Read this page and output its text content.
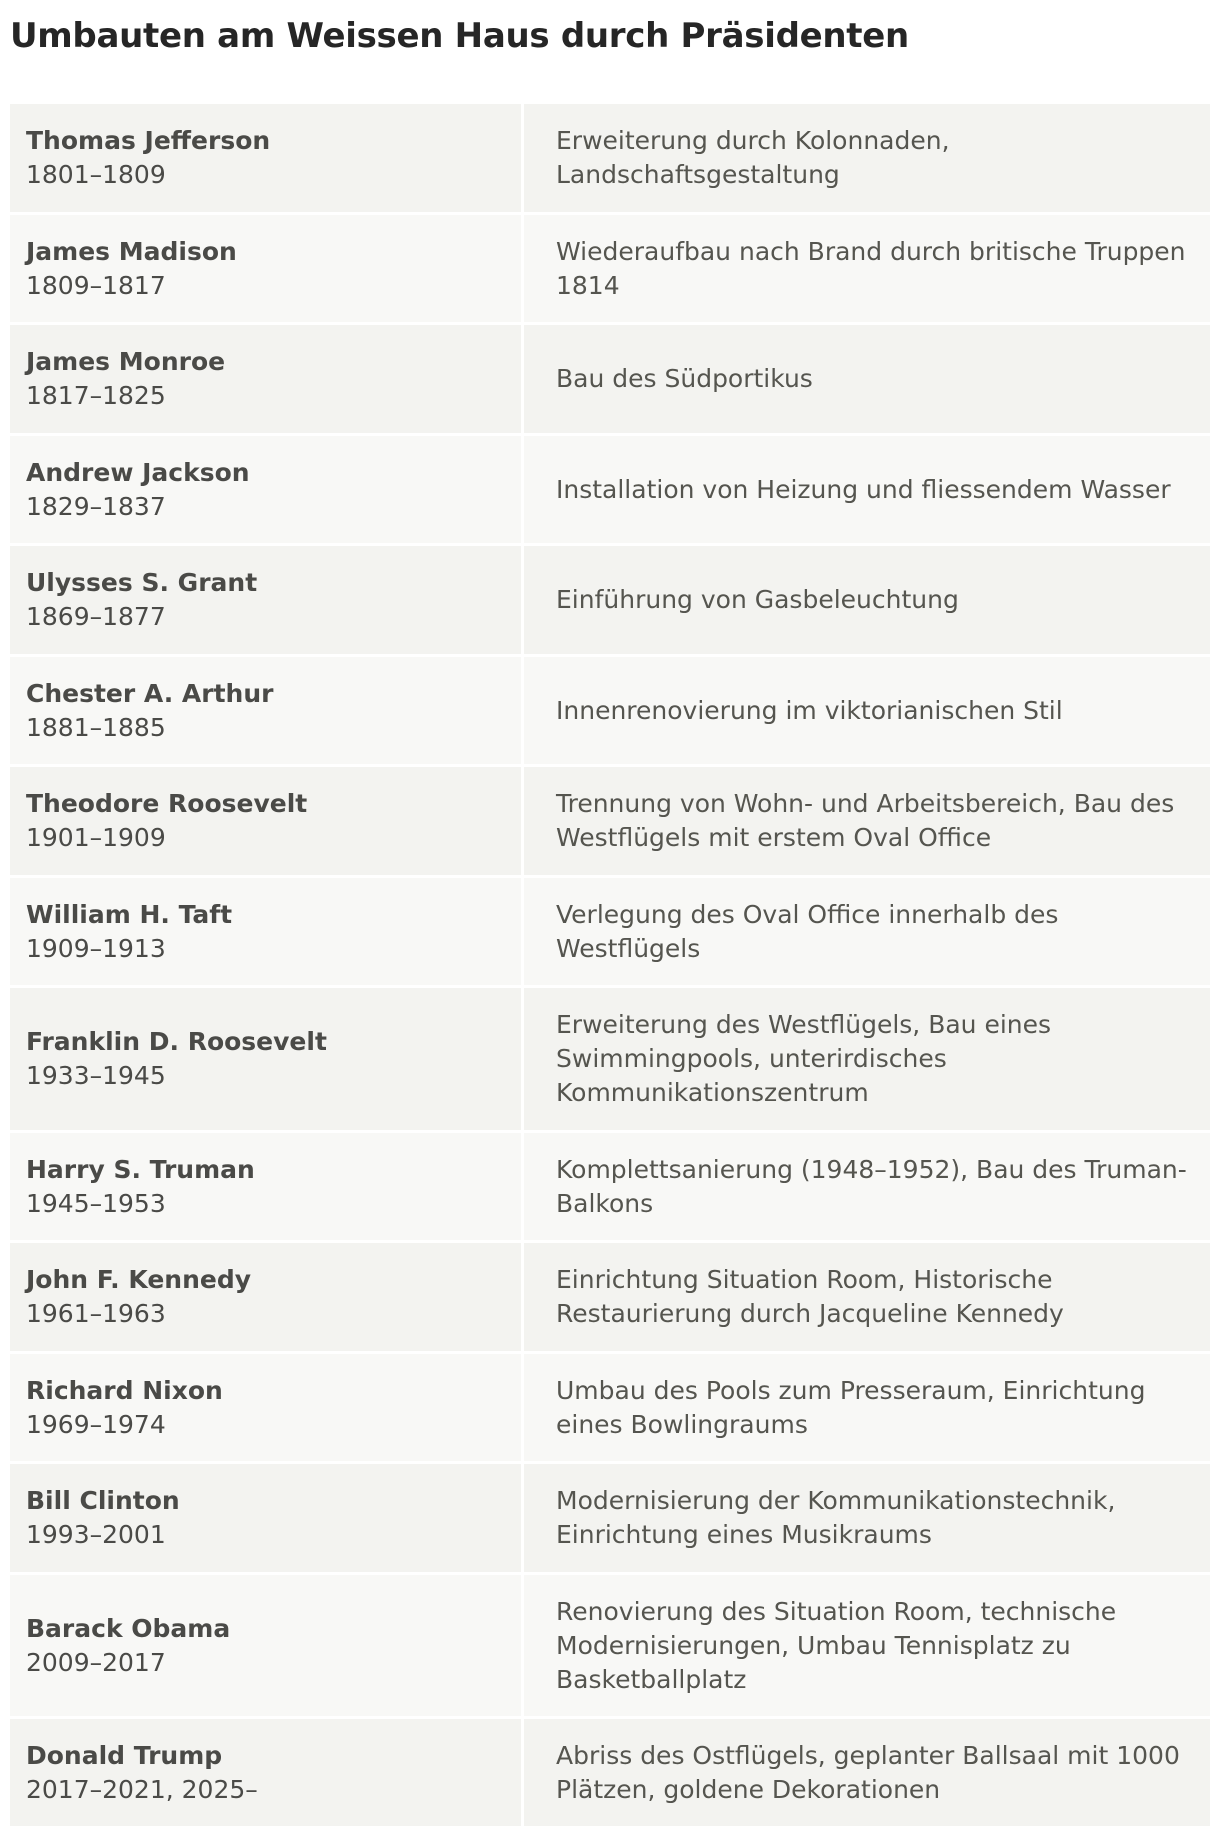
Umbauten am Weissen Haus durch Präsidenten
Thomas Jefferson
1801–1809
Erweiterung durch Kolonnaden, Landschaftsgestaltung
James Madison
1809–1817
Wiederaufbau nach Brand durch britische Truppen 1814
James Monroe
1817–1825
Bau des Südportikus
Andrew Jackson
1829–1837
Installation von Heizung und fliessendem Wasser
Ulysses S. Grant
1869–1877
Einführung von Gasbeleuchtung
Chester A. Arthur
1881–1885
Innenrenovierung im viktorianischen Stil
Theodore Roosevelt
1901–1909
Trennung von Wohn- und Arbeitsbereich, Bau des Westflügels mit erstem Oval Office
William H. Taft
1909–1913
Verlegung des Oval Office innerhalb des Westflügels
Franklin D. Roosevelt
1933–1945
Erweiterung des Westflügels, Bau eines Swimmingpools, unterirdisches Kommunikationszentrum
Harry S. Truman
1945–1953
Komplettsanierung (1948–1952), Bau des Truman-Balkons
John F. Kennedy
1961–1963
Einrichtung Situation Room, Historische Restaurierung durch Jacqueline Kennedy
Richard Nixon
1969–1974
Umbau des Pools zum Presseraum, Einrichtung eines Bowlingraums
Bill Clinton
1993–2001
Modernisierung der Kommunikationstechnik, Einrichtung eines Musikraums
Barack Obama
2009–2017
Renovierung des Situation Room, technische Modernisierungen, Umbau Tennisplatz zu Basketballplatz
Donald Trump
2017–2021, 2025–
Abriss des Ostflügels, geplanter Ballsaal mit 1000 Plätzen, goldene Dekorationen
